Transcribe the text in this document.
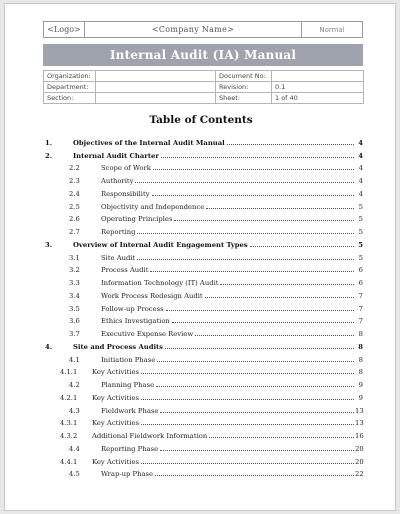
<Logo>	<Company Name>	Normal
Internal Audit (IA) Manual
Organization:		Document No:	
Department:		Revision:	0.1
Section:		Sheet:	1 of 40
Table of Contents
1.	Objectives of the Internal Audit Manual	4
2.	Internal Audit Charter	4
2.2	Scope of Work	4
2.3	Authority	4
2.4	Responsibility	4
2.5	Objectivity and Independence	5
2.6	Operating Principles	5
2.7	Reporting	5
3.	Overview of Internal Audit Engagement Types	5
3.1	Site Audit	5
3.2	Process Audit	6
3.3	Information Technology (IT) Audit	6
3.4	Work Process Redesign Audit	7
3.5	Follow-up Process	7
3.6	Ethics Investigation	7
3.7	Executive Expense Review	8
4.	Site and Process Audits	8
4.1	Initiation Phase	8
4.1.1	Key Activities	8
4.2	Planning Phase	9
4.2.1	Key Activities	9
4.3	Fieldwork Phase	13
4.3.1	Key Activities	13
4.3.2	Additional Fieldwork Information	16
4.4	Reporting Phase	20
4.4.1	Key Activities	20
4.5	Wrap-up Phase	22
